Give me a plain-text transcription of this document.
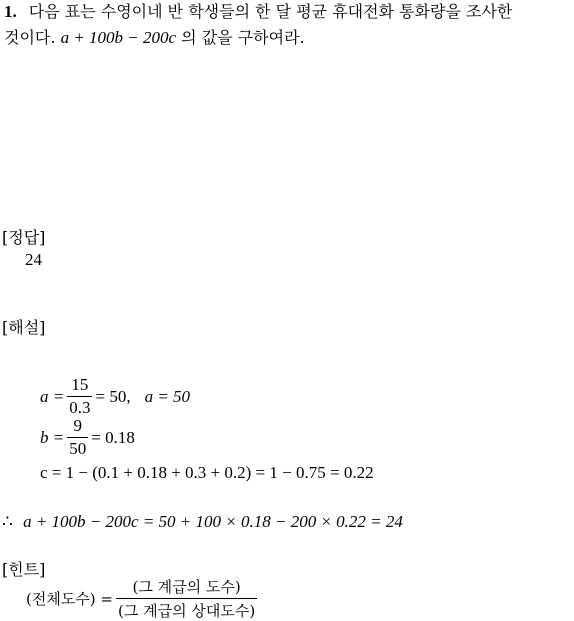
1. 다음 표는 수영이네 반 학생들의 한 달 평균 휴대전화 통화량을 조사한
것이다. a + 100b − 200c 의 값을 구하여라.
[정답]
24
[해설]
$a = \frac{15}{0.3} = 50$, a = 50
$b = \frac{9}{50} = 0.18$
c = 1 − (0.1 + 0.18 + 0.3 + 0.2) = 1 − 0.75 = 0.22
∴ a + 100b − 200c = 50 + 100 × 0.18 − 200 × 0.22 = 24
[힌트]
(전체도수) = $\frac{\text{(그 계급의 도수)}}{\text{(그 계급의 상대도수)}}$
